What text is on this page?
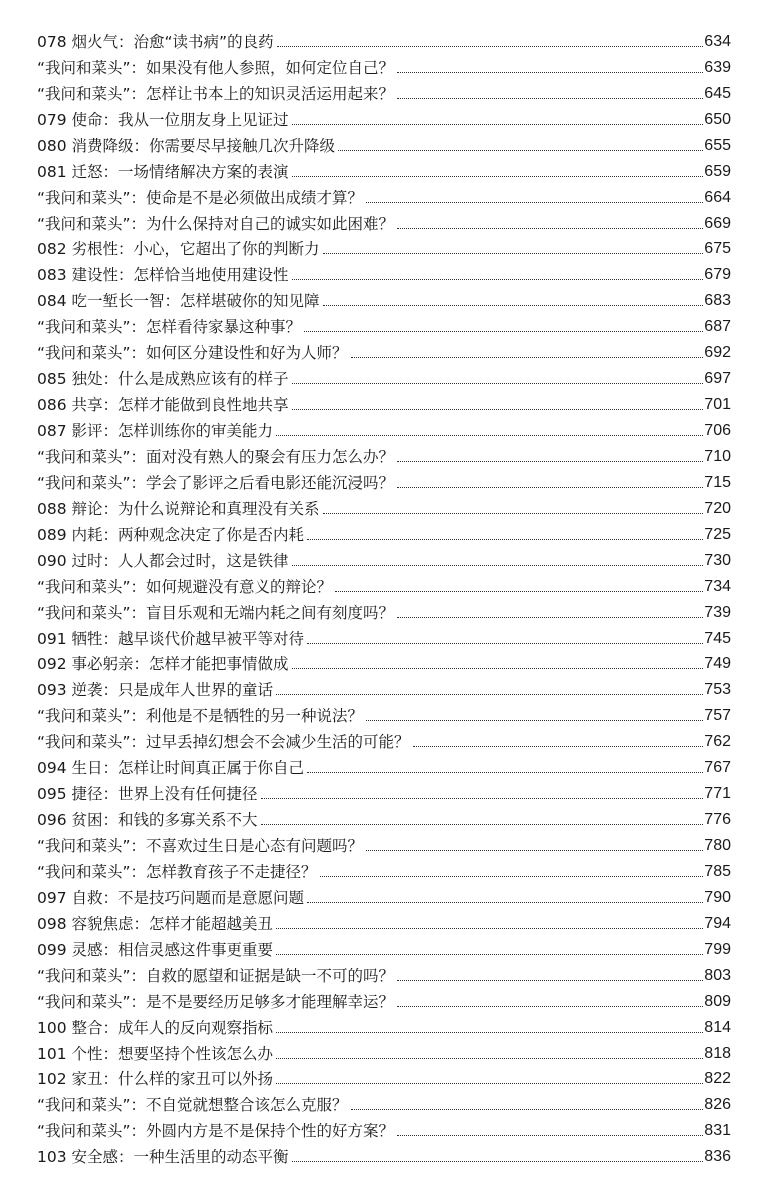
078 烟火气：治愈“读书病”的良药	634
“我问和菜头”：如果没有他人参照，如何定位自己？	639
“我问和菜头”：怎样让书本上的知识灵活运用起来？	645
079 使命：我从一位朋友身上见证过	650
080 消费降级：你需要尽早接触几次升降级	655
081 迁怒：一场情绪解决方案的表演	659
“我问和菜头”：使命是不是必须做出成绩才算？	664
“我问和菜头”：为什么保持对自己的诚实如此困难？	669
082 劣根性：小心，它超出了你的判断力	675
083 建设性：怎样恰当地使用建设性	679
084 吃一堑长一智：怎样堪破你的知见障	683
“我问和菜头”：怎样看待家暴这种事？	687
“我问和菜头”：如何区分建设性和好为人师？	692
085 独处：什么是成熟应该有的样子	697
086 共享：怎样才能做到良性地共享	701
087 影评：怎样训练你的审美能力	706
“我问和菜头”：面对没有熟人的聚会有压力怎么办？	710
“我问和菜头”：学会了影评之后看电影还能沉浸吗？	715
088 辩论：为什么说辩论和真理没有关系	720
089 内耗：两种观念决定了你是否内耗	725
090 过时：人人都会过时，这是铁律	730
“我问和菜头”：如何规避没有意义的辩论？	734
“我问和菜头”：盲目乐观和无端内耗之间有刻度吗？	739
091 牺牲：越早谈代价越早被平等对待	745
092 事必躬亲：怎样才能把事情做成	749
093 逆袭：只是成年人世界的童话	753
“我问和菜头”：利他是不是牺牲的另一种说法？	757
“我问和菜头”：过早丢掉幻想会不会减少生活的可能？	762
094 生日：怎样让时间真正属于你自己	767
095 捷径：世界上没有任何捷径	771
096 贫困：和钱的多寡关系不大	776
“我问和菜头”：不喜欢过生日是心态有问题吗？	780
“我问和菜头”：怎样教育孩子不走捷径？	785
097 自救：不是技巧问题而是意愿问题	790
098 容貌焦虑：怎样才能超越美丑	794
099 灵感：相信灵感这件事更重要	799
“我问和菜头”：自救的愿望和证据是缺一不可的吗？	803
“我问和菜头”：是不是要经历足够多才能理解幸运？	809
100 整合：成年人的反向观察指标	814
101 个性：想要坚持个性该怎么办	818
102 家丑：什么样的家丑可以外扬	822
“我问和菜头”：不自觉就想整合该怎么克服？	826
“我问和菜头”：外圆内方是不是保持个性的好方案？	831
103 安全感：一种生活里的动态平衡	836
